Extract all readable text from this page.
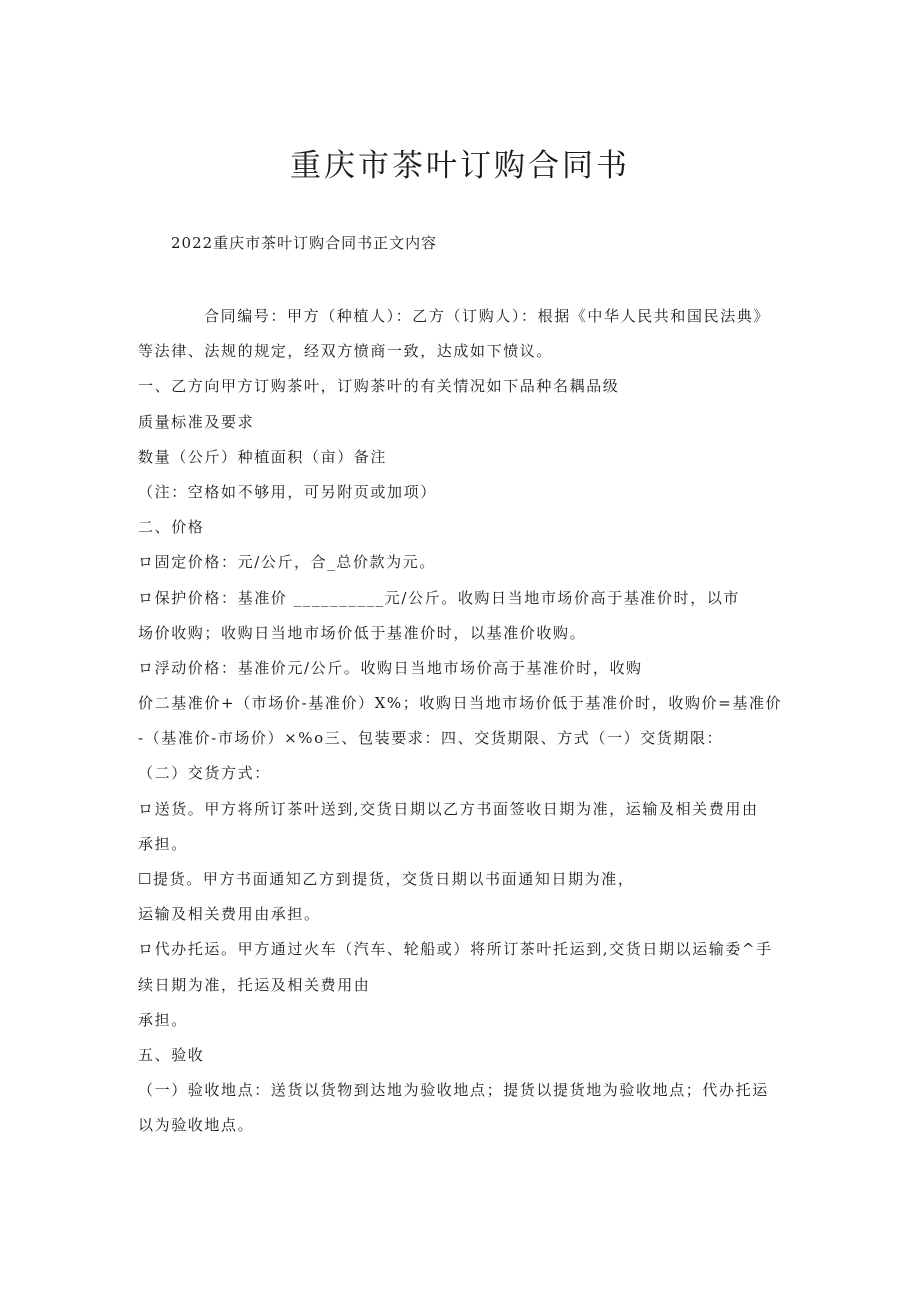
重庆市茶叶订购合同书
2022重庆市茶叶订购合同书正文内容
合同编号：甲方（种植人）：乙方（订购人）：根据《中华人民共和国民法典》
等法律、法规的规定，经双方愤商一致，达成如下愤议。
一、乙方向甲方订购茶叶，订购茶叶的有关情况如下品种名耦品级
质量标准及要求
数量（公斤）种植面积（亩）备注
（注：空格如不够用，可另附页或加项）
二、价格
ロ固定价格：元/公斤，合_总价款为元。
ロ保护价格：基准价 __________元/公斤。收购日当地市场价高于基准价时，以市
场价收购；收购日当地市场价低于基准价时，以基准价收购。
ロ浮动价格：基准价元/公斤。收购日当地市场价高于基准价时，收购
价二基准价+（市场价-基准价）X%；收购日当地市场价低于基准价时，收购价=基准价
-（基准价-市场价）×%o三、包装要求：四、交货期限、方式（一）交货期限：
（二）交货方式：
ロ送货。甲方将所订茶叶送到,交货日期以乙方书面签收日期为准，运输及相关费用由
承担。
☐提货。甲方书面通知乙方到提货，交货日期以书面通知日期为准，
运输及相关费用由承担。
ロ代办托运。甲方通过火车（汽车、轮船或）将所订茶叶托运到,交货日期以运输委^手
续日期为准，托运及相关费用由
承担。
五、验收
（一）验收地点：送货以货物到达地为验收地点；提货以提货地为验收地点；代办托运
以为验收地点。
